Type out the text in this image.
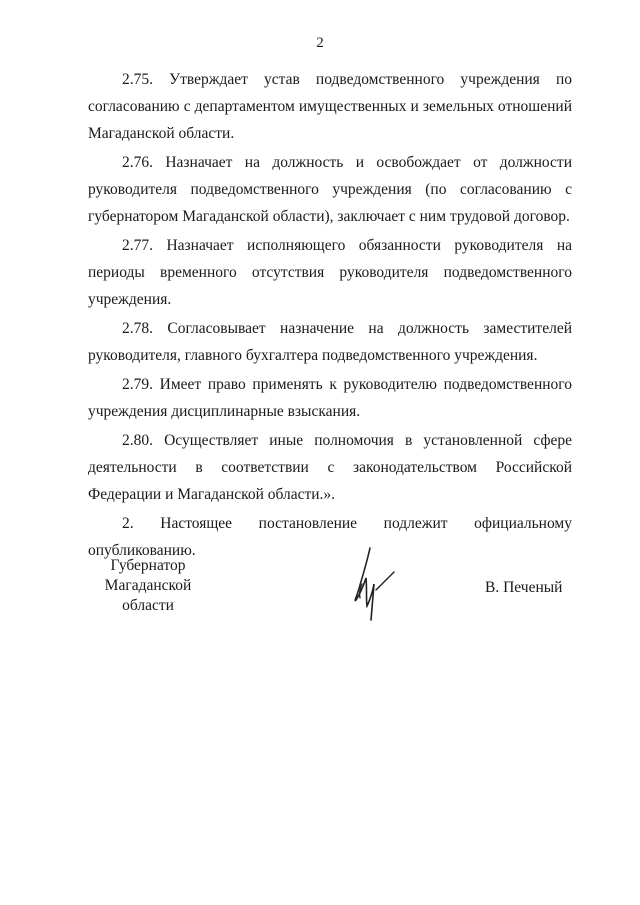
2

2.75. Утверждает устав подведомственного учреждения по согласованию с департаментом имущественных и земельных отношений Магаданской области.

2.76. Назначает на должность и освобождает от должности руководителя подведомственного учреждения (по согласованию с губернатором Магаданской области), заключает с ним трудовой договор.

2.77. Назначает исполняющего обязанности руководителя на периоды временного отсутствия руководителя подведомственного учреждения.

2.78. Согласовывает назначение на должность заместителей руководителя, главного бухгалтера подведомственного учреждения.

2.79. Имеет право применять к руководителю подведомственного учреждения дисциплинарные взыскания.

2.80. Осуществляет иные полномочия в установленной сфере деятельности в соответствии с законодательством Российской Федерации и Магаданской области.».

2. Настоящее постановление подлежит официальному опубликованию.

Губернатор
Магаданской области
В. Печеный
